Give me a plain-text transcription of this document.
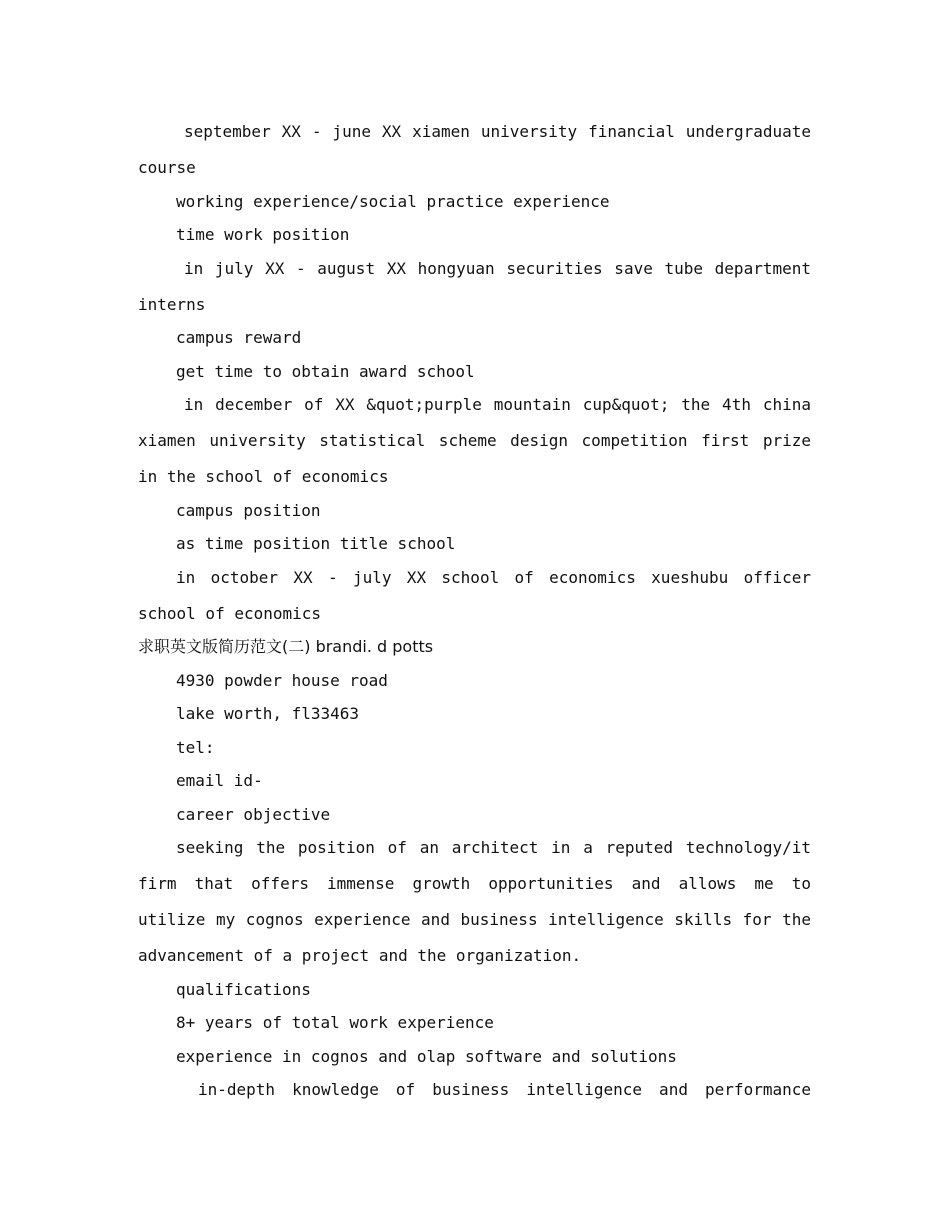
september XX - june XX xiamen university financial undergraduate course

working experience/social practice experience

time work position

in july XX - august XX hongyuan securities save tube department interns

campus reward

get time to obtain award school

in december of XX &quot;purple mountain cup&quot; the 4th china xiamen university statistical scheme design competition first prize in the school of economics

campus position

as time position title school

in october XX - july XX school of economics xueshubu officer school of economics

求职英文版简历范文(二) brandi. d potts

4930 powder house road

lake worth, fl33463

tel:

email id-

career objective

seeking the position of an architect in a reputed technology/it firm that offers immense growth opportunities and allows me to utilize my cognos experience and business intelligence skills for the advancement of a project and the organization.

qualifications

8+ years of total work experience

experience in cognos and olap software and solutions

in-depth knowledge of business intelligence and performance
